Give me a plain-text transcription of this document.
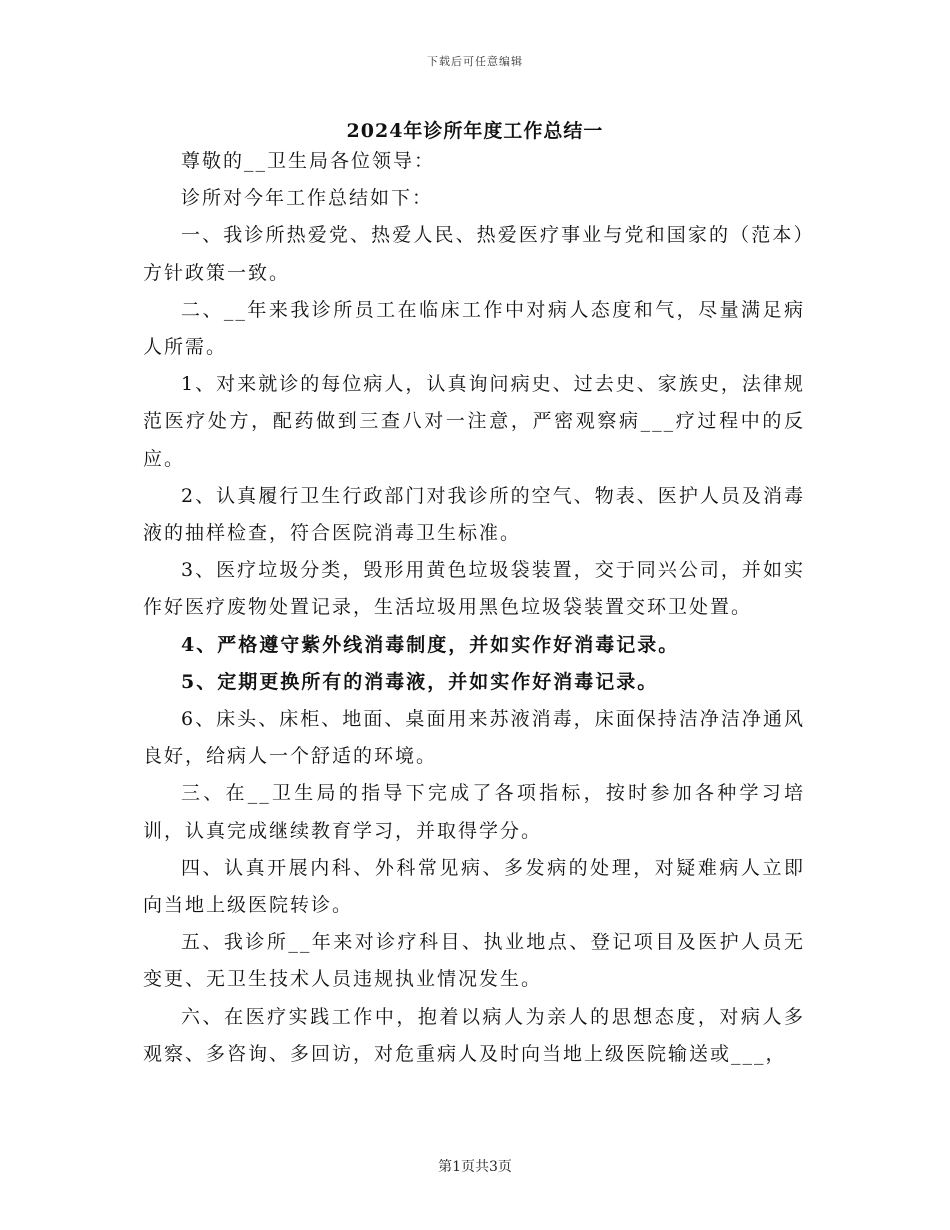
下载后可任意编辑
2024年诊所年度工作总结一

尊敬的__卫生局各位领导：

诊所对今年工作总结如下：

一、我诊所热爱党、热爱人民、热爱医疗事业与党和国家的（范本）方针政策一致。

二、__年来我诊所员工在临床工作中对病人态度和气，尽量满足病人所需。

1、对来就诊的每位病人，认真询问病史、过去史、家族史，法律规范医疗处方，配药做到三查八对一注意，严密观察病___疗过程中的反应。

2、认真履行卫生行政部门对我诊所的空气、物表、医护人员及消毒液的抽样检查，符合医院消毒卫生标准。

3、医疗垃圾分类，毁形用黄色垃圾袋装置，交于同兴公司，并如实作好医疗废物处置记录，生活垃圾用黑色垃圾袋装置交环卫处置。

4、严格遵守紫外线消毒制度，并如实作好消毒记录。

5、定期更换所有的消毒液，并如实作好消毒记录。

6、床头、床柜、地面、桌面用来苏液消毒，床面保持洁净洁净通风良好，给病人一个舒适的环境。

三、在__卫生局的指导下完成了各项指标，按时参加各种学习培训，认真完成继续教育学习，并取得学分。

四、认真开展内科、外科常见病、多发病的处理，对疑难病人立即向当地上级医院转诊。

五、我诊所__年来对诊疗科目、执业地点、登记项目及医护人员无变更、无卫生技术人员违规执业情况发生。

六、在医疗实践工作中，抱着以病人为亲人的思想态度，对病人多观察、多咨询、多回访，对危重病人及时向当地上级医院输送或___，

第1页共3页
